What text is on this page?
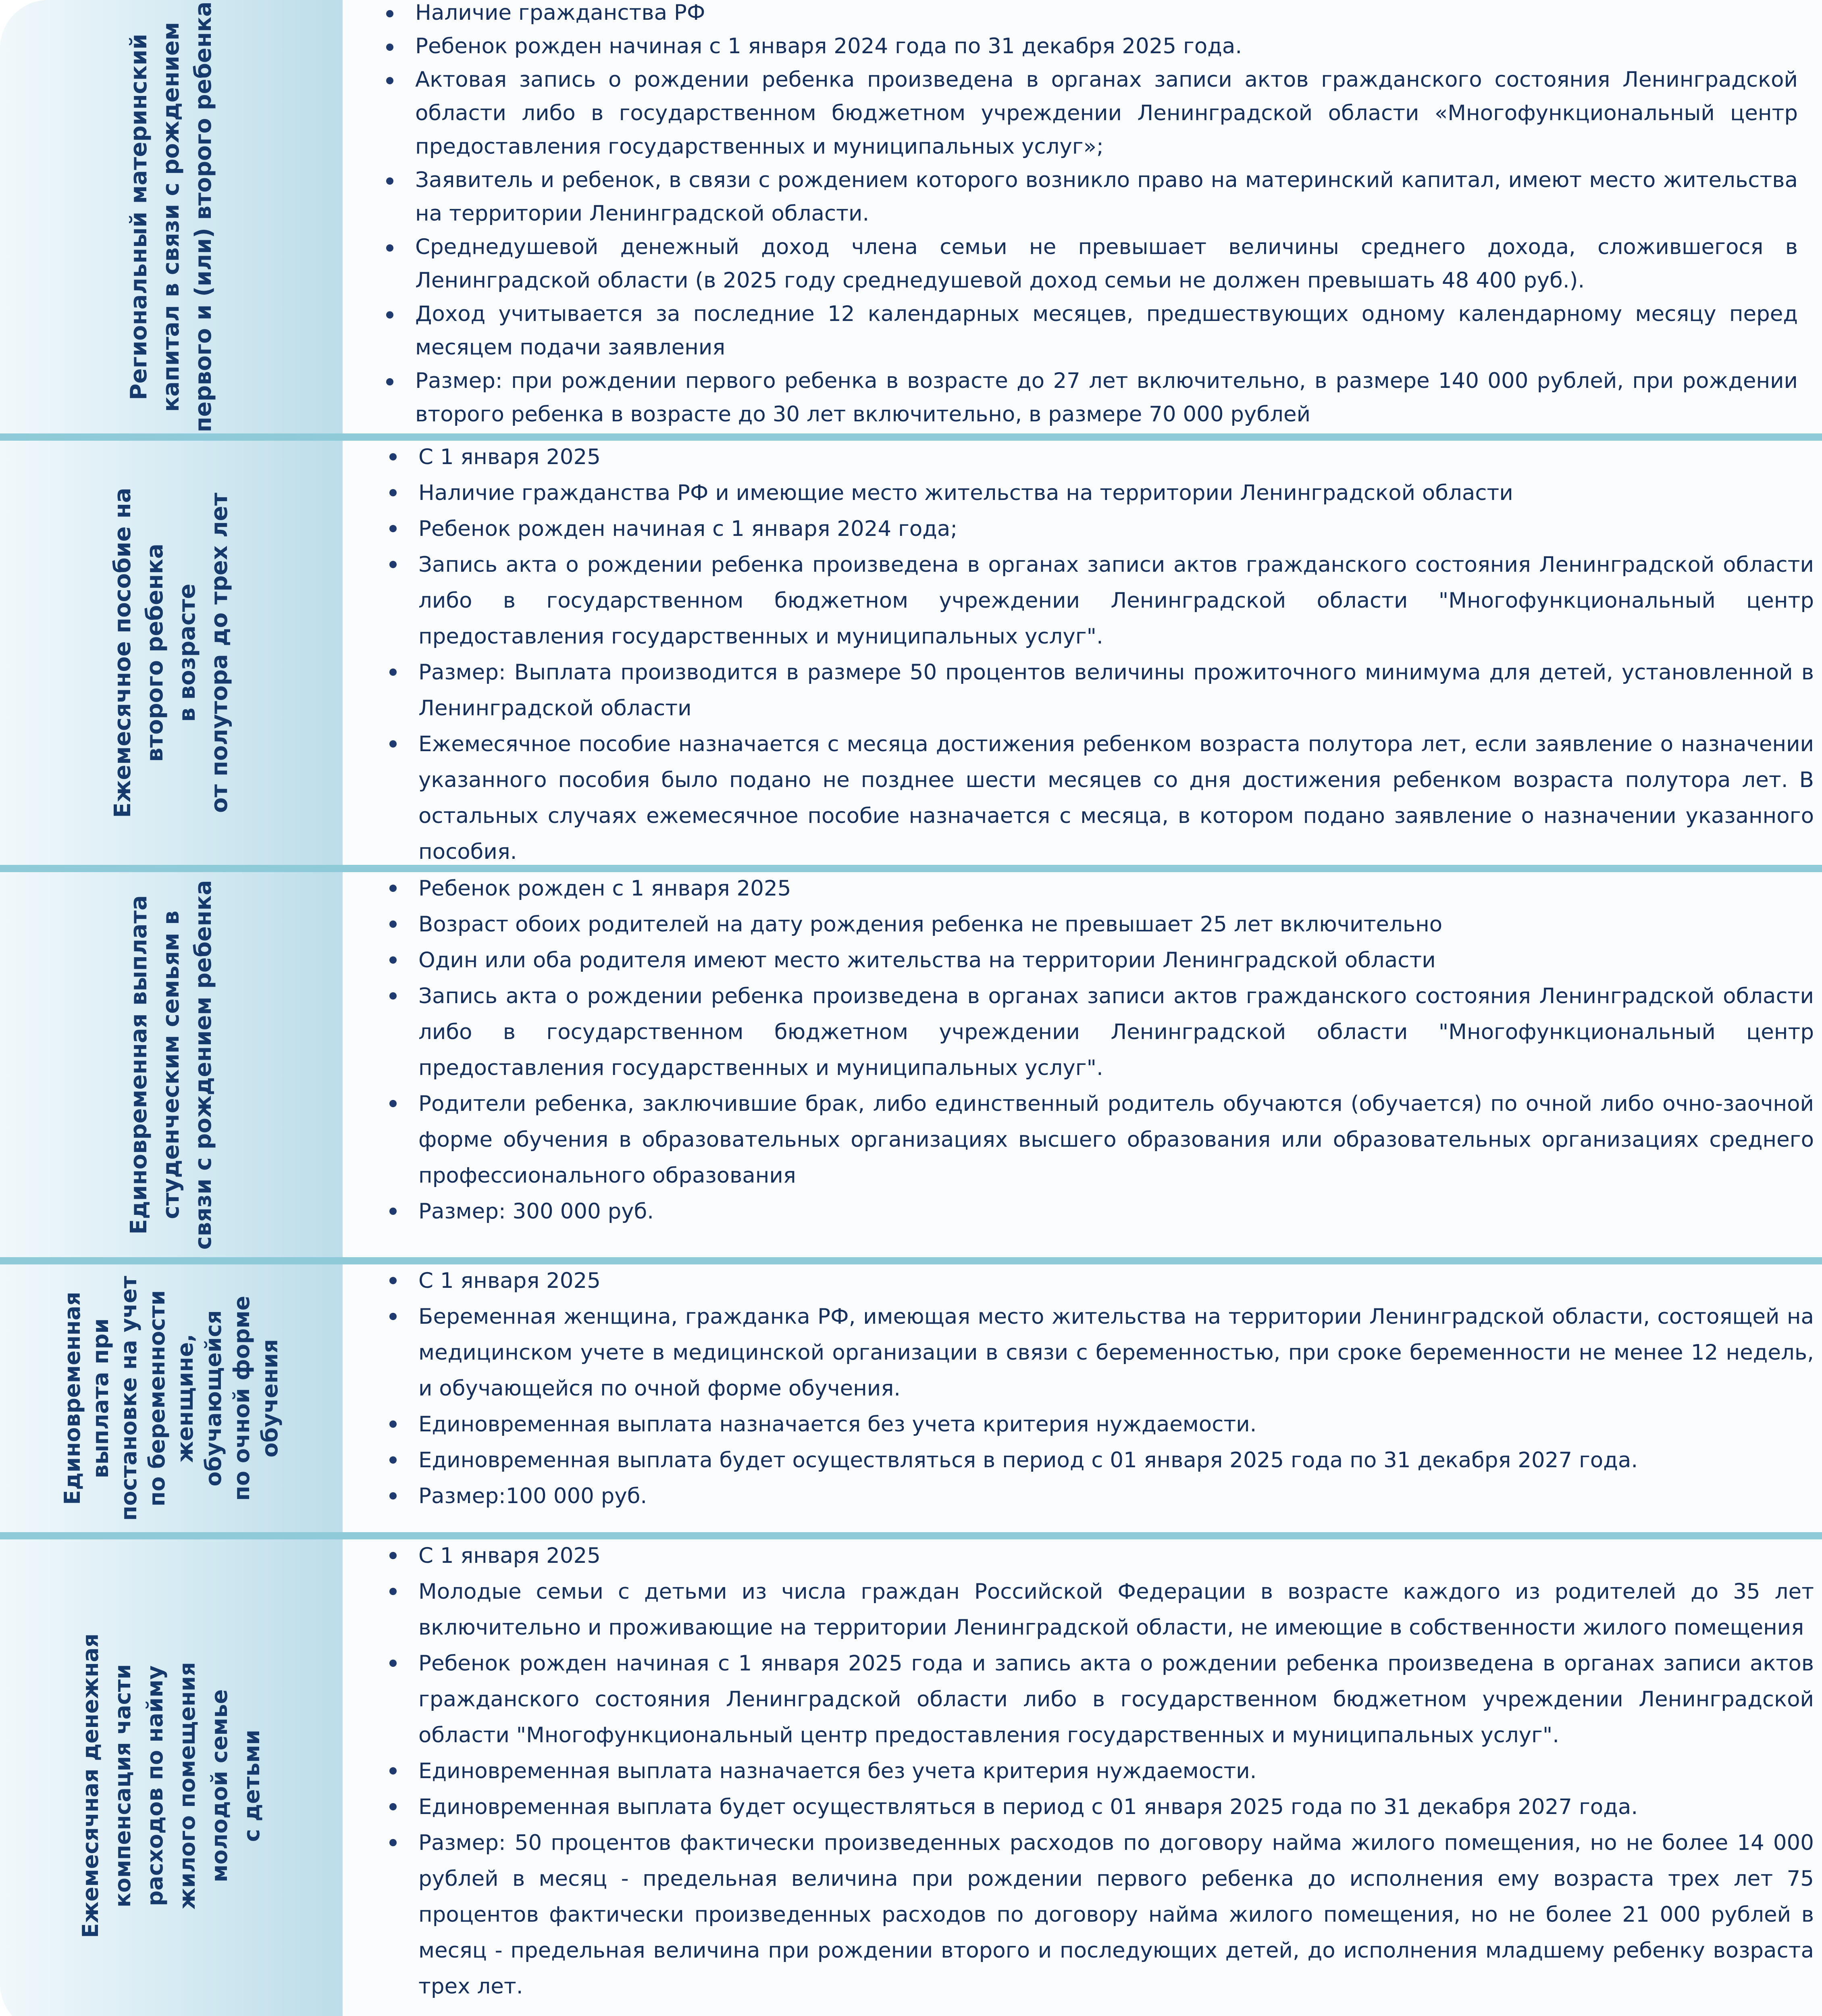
Региональный материнский
капитал в связи с рождением
первого и (или) второго ребенка	Наличие гражданства РФ
Ребенок рожден начиная с 1 января 2024 года по 31 декабря 2025 года.
Актовая запись о рождении ребенка произведена в органах записи актов гражданского состояния Ленинградской области либо в государственном бюджетном учреждении Ленинградской области «Многофункциональный центр предоставления государственных и муниципальных услуг»;
Заявитель и ребенок, в связи с рождением которого возникло право на материнский капитал, имеют место жительства на территории Ленинградской области.
Среднедушевой денежный доход члена семьи не превышает величины среднего дохода, сложившегося в Ленинградской области (в 2025 году среднедушевой доход семьи не должен превышать 48 400 руб.).
Доход учитывается за последние 12 календарных месяцев, предшествующих одному календарному месяцу перед месяцем подачи заявления
Размер: при рождении первого ребенка в возрасте до 27 лет включительно, в размере 140 000 рублей, при рождении второго ребенка в возрасте до 30 лет включительно, в размере 70 000 рублей
Ежемесячное пособие на
второго ребенка
в возрасте
от полутора до трех лет
С 1 января 2025
Наличие гражданства РФ и имеющие место жительства на территории Ленинградской области
Ребенок рожден начиная с 1 января 2024 года;
Запись акта о рождении ребенка произведена в органах записи актов гражданского состояния Ленинградской области либо в государственном бюджетном учреждении Ленинградской области "Многофункциональный центр предоставления государственных и муниципальных услуг".
Размер: Выплата производится в размере 50 процентов величины прожиточного минимума для детей, установленной в Ленинградской области
Ежемесячное пособие назначается с месяца достижения ребенком возраста полутора лет, если заявление о назначении указанного пособия было подано не позднее шести месяцев со дня достижения ребенком возраста полутора лет. В остальных случаях ежемесячное пособие назначается с месяца, в котором подано заявление о назначении указанного пособия.
Единовременная выплата
студенческим семьям в
связи с рождением ребенка	Ребенок рожден с 1 января 2025
Возраст обоих родителей на дату рождения ребенка не превышает 25 лет включительно
Один или оба родителя имеют место жительства на территории Ленинградской области
Запись акта о рождении ребенка произведена в органах записи актов гражданского состояния Ленинградской области либо в государственном бюджетном учреждении Ленинградской области "Многофункциональный центр предоставления государственных и муниципальных услуг".
Родители ребенка, заключившие брак, либо единственный родитель обучаются (обучается) по очной либо очно-заочной форме обучения в образовательных организациях высшего образования или образовательных организациях среднего профессионального образования
Размер: 300 000 руб.
Единовременная
выплата при
постановке на учет
по беременности
женщине,
обучающейся
по очной форме
обучения
С 1 января 2025
Беременная женщина, гражданка РФ, имеющая место жительства на территории Ленинградской области, состоящей на медицинском учете в медицинской организации в связи с беременностью, при сроке беременности не менее 12 недель, и обучающейся по очной форме обучения.
Единовременная выплата назначается без учета критерия нуждаемости.
Единовременная выплата будет осуществляться в период с 01 января 2025 года по 31 декабря 2027 года.
Размер:100 000 руб.
Ежемесячная денежная
компенсация части
расходов по найму
жилого помещения
молодой семье
с детьми
С 1 января 2025
Молодые семьи с детьми из числа граждан Российской Федерации в возрасте каждого из родителей до 35 лет включительно и проживающие на территории Ленинградской области, не имеющие в собственности жилого помещения
Ребенок рожден начиная с 1 января 2025 года и запись акта о рождении ребенка произведена в органах записи актов гражданского состояния Ленинградской области либо в государственном бюджетном учреждении Ленинградской области "Многофункциональный центр предоставления государственных и муниципальных услуг".
Единовременная выплата назначается без учета критерия нуждаемости.
Единовременная выплата будет осуществляться в период с 01 января 2025 года по 31 декабря 2027 года.
Размер: 50 процентов фактически произведенных расходов по договору найма жилого помещения, но не более 14 000 рублей в месяц - предельная величина при рождении первого ребенка до исполнения ему возраста трех лет 75 процентов фактически произведенных расходов по договору найма жилого помещения, но не более 21 000 рублей в месяц - предельная величина при рождении второго и последующих детей, до исполнения младшему ребенку возраста трех лет.
